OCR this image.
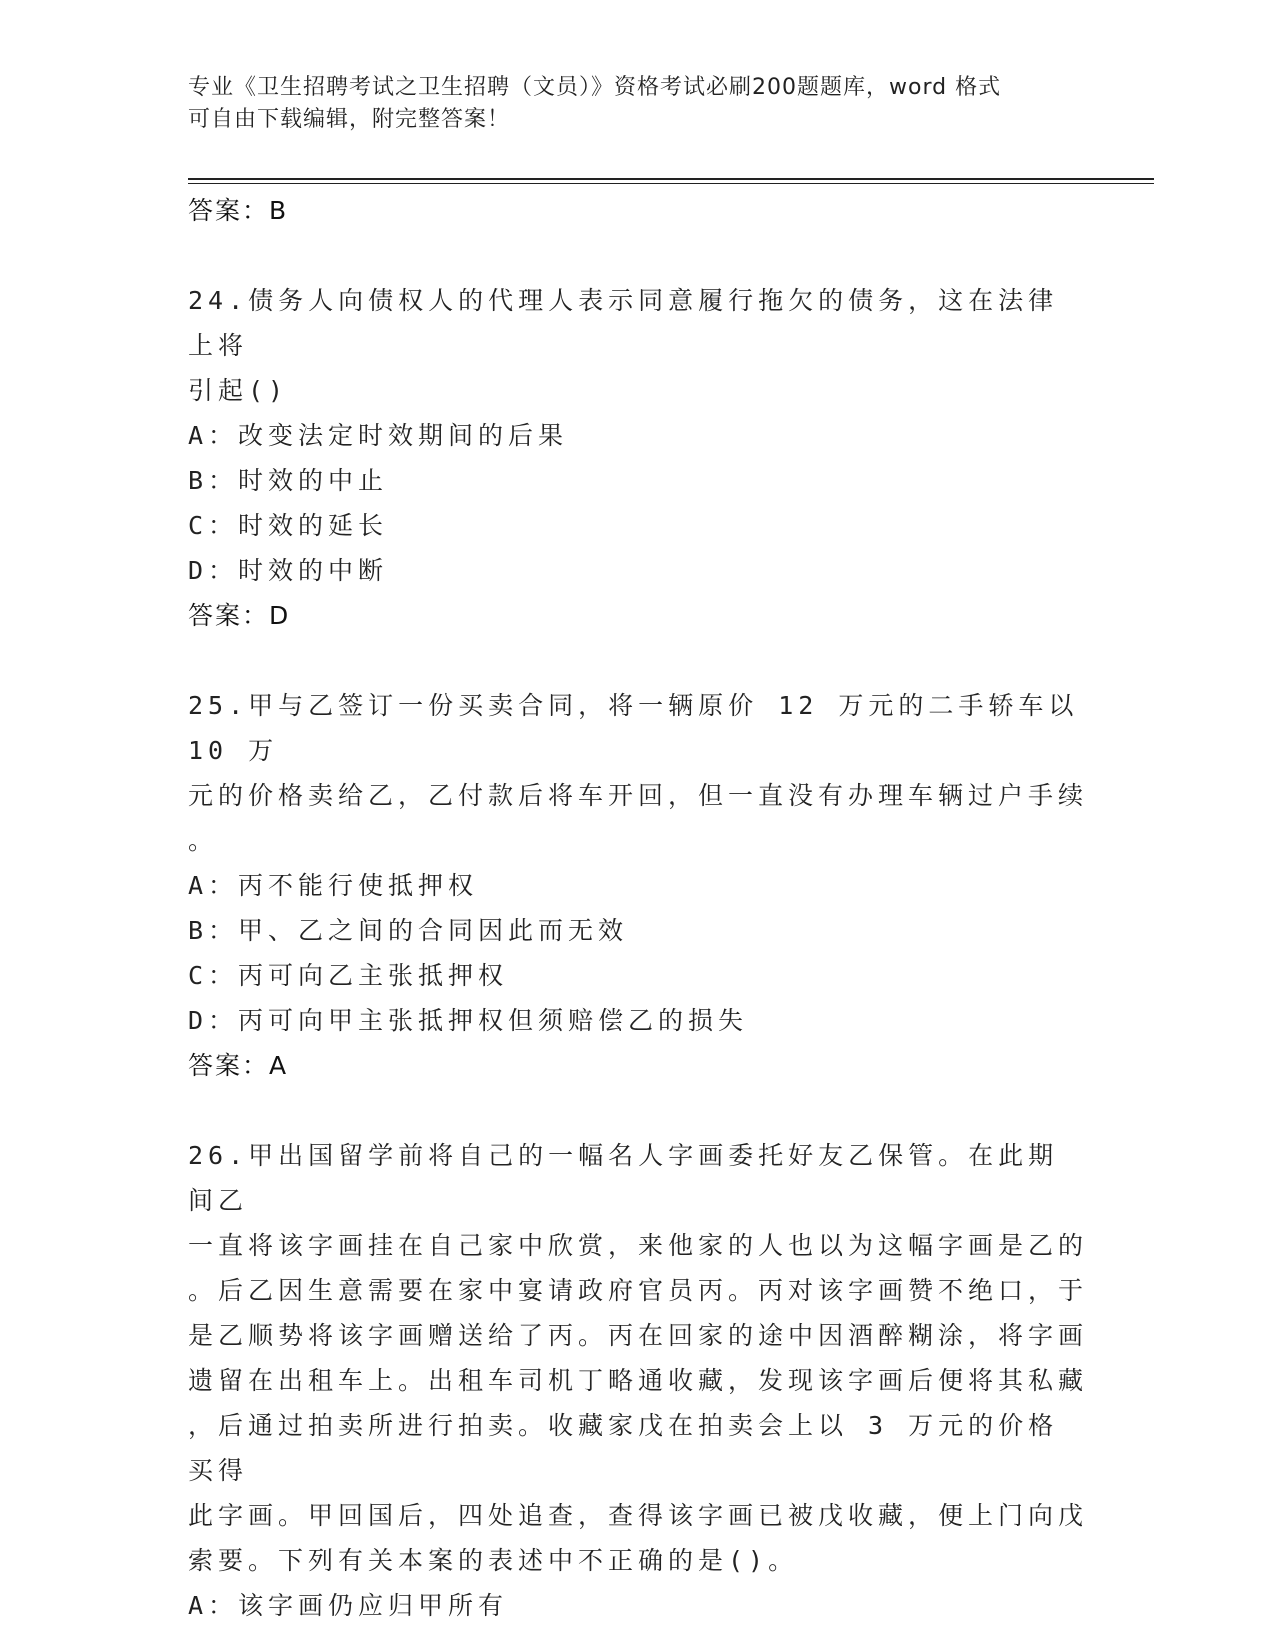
专业《卫生招聘考试之卫生招聘（文员）》资格考试必刷200题题库，word 格式
可自由下载编辑，附完整答案！
答案：B
24.债务人向债权人的代理人表示同意履行拖欠的债务，这在法律上将
引起()
A：改变法定时效期间的后果
B：时效的中止
C：时效的延长
D：时效的中断
答案：D
25.甲与乙签订一份买卖合同，将一辆原价 12 万元的二手轿车以 10 万
元的价格卖给乙，乙付款后将车开回，但一直没有办理车辆过户手续
。
A：丙不能行使抵押权
B：甲、乙之间的合同因此而无效
C：丙可向乙主张抵押权
D：丙可向甲主张抵押权但须赔偿乙的损失
答案：A
26.甲出国留学前将自己的一幅名人字画委托好友乙保管。在此期间乙
一直将该字画挂在自己家中欣赏，来他家的人也以为这幅字画是乙的
。后乙因生意需要在家中宴请政府官员丙。丙对该字画赞不绝口，于
是乙顺势将该字画赠送给了丙。丙在回家的途中因酒醉糊涂，将字画
遗留在出租车上。出租车司机丁略通收藏，发现该字画后便将其私藏
，后通过拍卖所进行拍卖。收藏家戊在拍卖会上以 3 万元的价格买得
此字画。甲回国后，四处追查，查得该字画已被戊收藏，便上门向戊
索要。下列有关本案的表述中不正确的是()。
A：该字画仍应归甲所有
